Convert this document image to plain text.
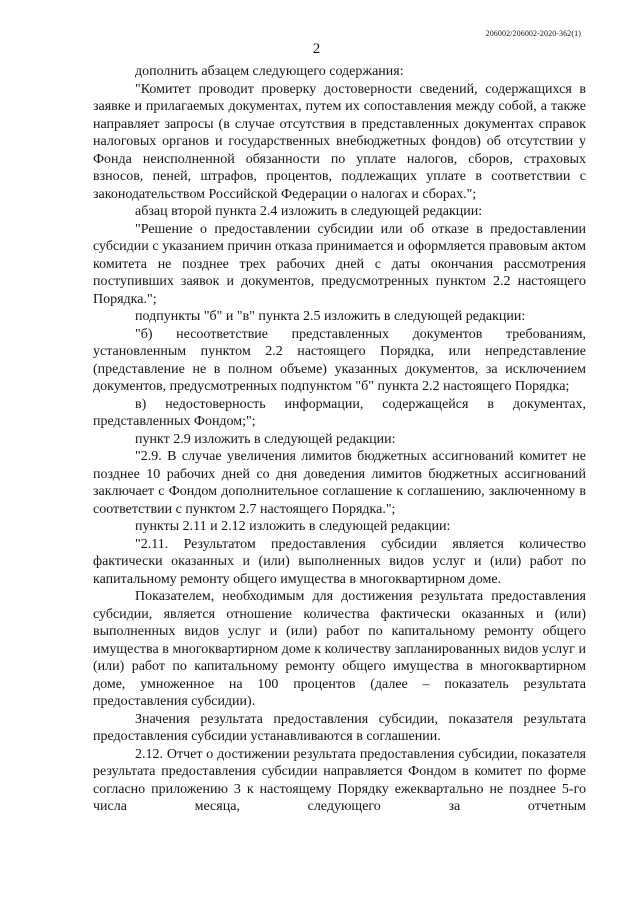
206002/206002-2020-362(1)
2

дополнить абзацем следующего содержания:

"Комитет проводит проверку достоверности сведений, содержащихся в заявке и прилагаемых документах, путем их сопоставления между собой, а также направляет запросы (в случае отсутствия в представленных документах справок налоговых органов и государственных внебюджетных фондов) об отсутствии у Фонда неисполненной обязанности по уплате налогов, сборов, страховых взносов, пеней, штрафов, процентов, подлежащих уплате в соответствии с законодательством Российской Федерации о налогах и сборах.";

абзац второй пункта 2.4 изложить в следующей редакции:

"Решение о предоставлении субсидии или об отказе в предоставлении субсидии с указанием причин отказа принимается и оформляется правовым актом комитета не позднее трех рабочих дней с даты окончания рассмотрения поступивших заявок и документов, предусмотренных пунктом 2.2 настоящего Порядка.";

подпункты "б" и "в" пункта 2.5 изложить в следующей редакции:

"б) несоответствие представленных документов требованиям, установленным пунктом 2.2 настоящего Порядка, или непредставление (представление не в полном объеме) указанных документов, за исключением документов, предусмотренных подпунктом "б" пункта 2.2 настоящего Порядка;

в) недостоверность информации, содержащейся в документах, представленных Фондом;";

пункт 2.9 изложить в следующей редакции:

"2.9. В случае увеличения лимитов бюджетных ассигнований комитет не позднее 10 рабочих дней со дня доведения лимитов бюджетных ассигнований заключает с Фондом дополнительное соглашение к соглашению, заключенному в соответствии с пунктом 2.7 настоящего Порядка.";

пункты 2.11 и 2.12 изложить в следующей редакции:

"2.11. Результатом предоставления субсидии является количество фактически оказанных и (или) выполненных видов услуг и (или) работ по капитальному ремонту общего имущества в многоквартирном доме.

Показателем, необходимым для достижения результата предоставления субсидии, является отношение количества фактически оказанных и (или) выполненных видов услуг и (или) работ по капитальному ремонту общего имущества в многоквартирном доме к количеству запланированных видов услуг и (или) работ по капитальному ремонту общего имущества в многоквартирном доме, умноженное на 100 процентов (далее – показатель результата предоставления субсидии).

Значения результата предоставления субсидии, показателя результата предоставления субсидии устанавливаются в соглашении.

2.12. Отчет о достижении результата предоставления субсидии, показателя результата предоставления субсидии направляется Фондом в комитет по форме согласно приложению 3 к настоящему Порядку ежеквартально не позднее 5-го числа месяца, следующего за отчетным
